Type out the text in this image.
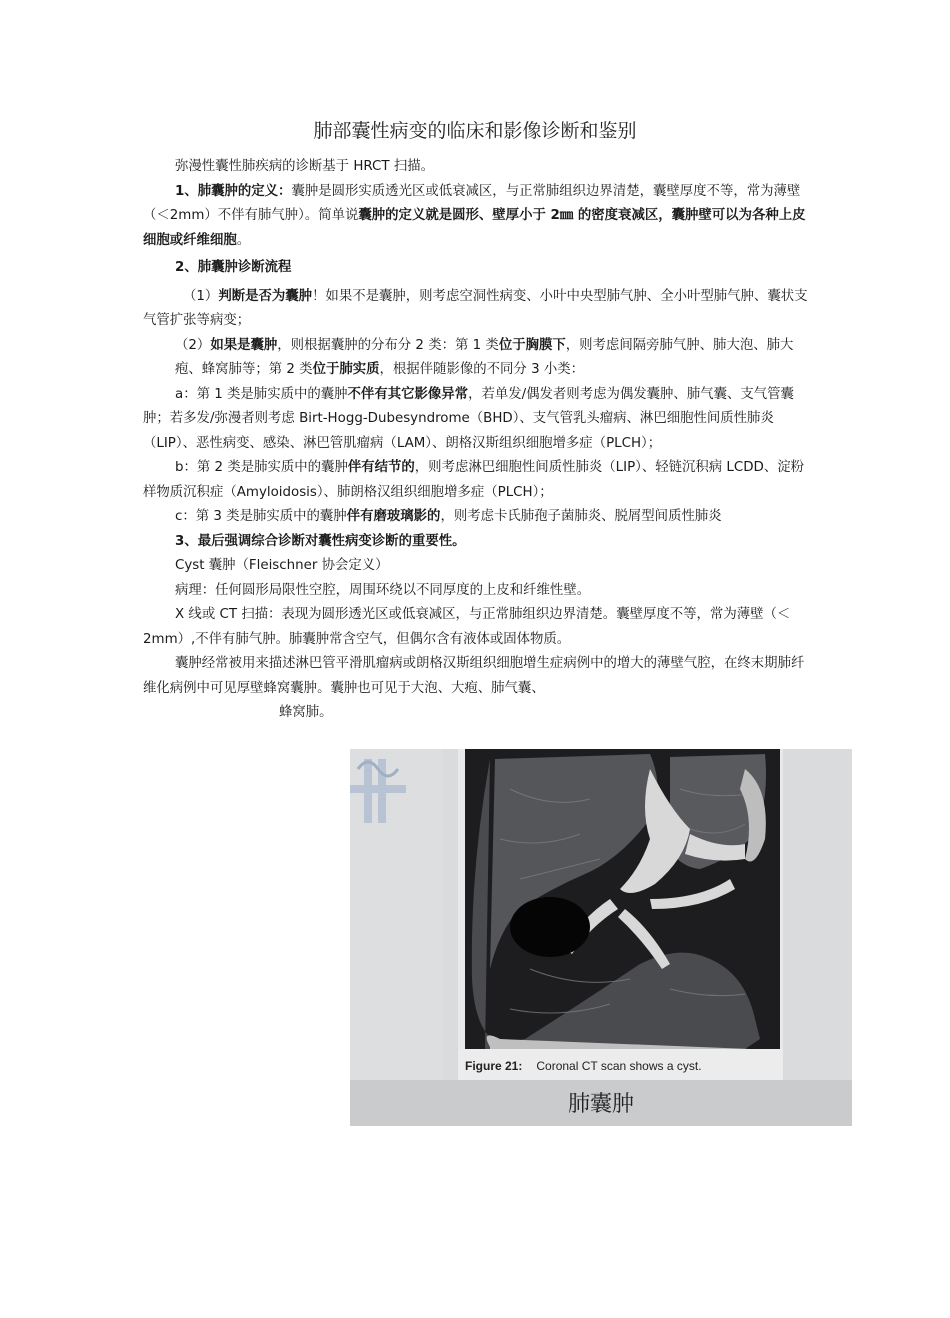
肺部囊性病变的临床和影像诊断和鉴别

弥漫性囊性肺疾病的诊断基于 HRCT 扫描。

1、肺囊肿的定义：囊肿是圆形实质透光区或低衰减区，与正常肺组织边界清楚，囊壁厚度不等，常为薄壁（＜2mm）不伴有肺气肿）。简单说囊肿的定义就是圆形、壁厚小于 2㎜ 的密度衰减区，囊肿壁可以为各种上皮细胞或纤维细胞。

2、肺囊肿诊断流程

（1）判断是否为囊肿！如果不是囊肿，则考虑空洞性病变、小叶中央型肺气肿、全小叶型肺气肿、囊状支气管扩张等病变；

（2）如果是囊肿，则根据囊肿的分布分 2 类：第 1 类位于胸膜下，则考虑间隔旁肺气肿、肺大泡、肺大疱、蜂窝肺等；第 2 类位于肺实质，根据伴随影像的不同分 3 小类：

a：第 1 类是肺实质中的囊肿不伴有其它影像异常，若单发/偶发者则考虑为偶发囊肿、肺气囊、支气管囊肿；若多发/弥漫者则考虑 Birt-Hogg-Dubesyndrome（BHD）、支气管乳头瘤病、淋巴细胞性间质性肺炎（LIP）、恶性病变、感染、淋巴管肌瘤病（LAM）、朗格汉斯组织细胞增多症（PLCH）；

b：第 2 类是肺实质中的囊肿伴有结节的，则考虑淋巴细胞性间质性肺炎（LIP）、轻链沉积病 LCDD、淀粉样物质沉积症（Amyloidosis）、肺朗格汉组织细胞增多症（PLCH）；

c：第 3 类是肺实质中的囊肿伴有磨玻璃影的，则考虑卡氏肺孢子菌肺炎、脱屑型间质性肺炎

3、最后强调综合诊断对囊性病变诊断的重要性。

Cyst 囊肿（Fleischner 协会定义）

病理：任何圆形局限性空腔，周围环绕以不同厚度的上皮和纤维性壁。

X 线或 CT 扫描：表现为圆形透光区或低衰减区，与正常肺组织边界清楚。囊壁厚度不等，常为薄壁（＜2mm）,不伴有肺气肿。肺囊肿常含空气，但偶尔含有液体或固体物质。

囊肿经常被用来描述淋巴管平滑肌瘤病或朗格汉斯组织细胞增生症病例中的增大的薄壁气腔，在终末期肺纤维化病例中可见厚壁蜂窝囊肿。囊肿也可见于大泡、大疱、肺气囊、

蜂窝肺。

Figure 21: Coronal CT scan shows a cyst.
肺囊肿
